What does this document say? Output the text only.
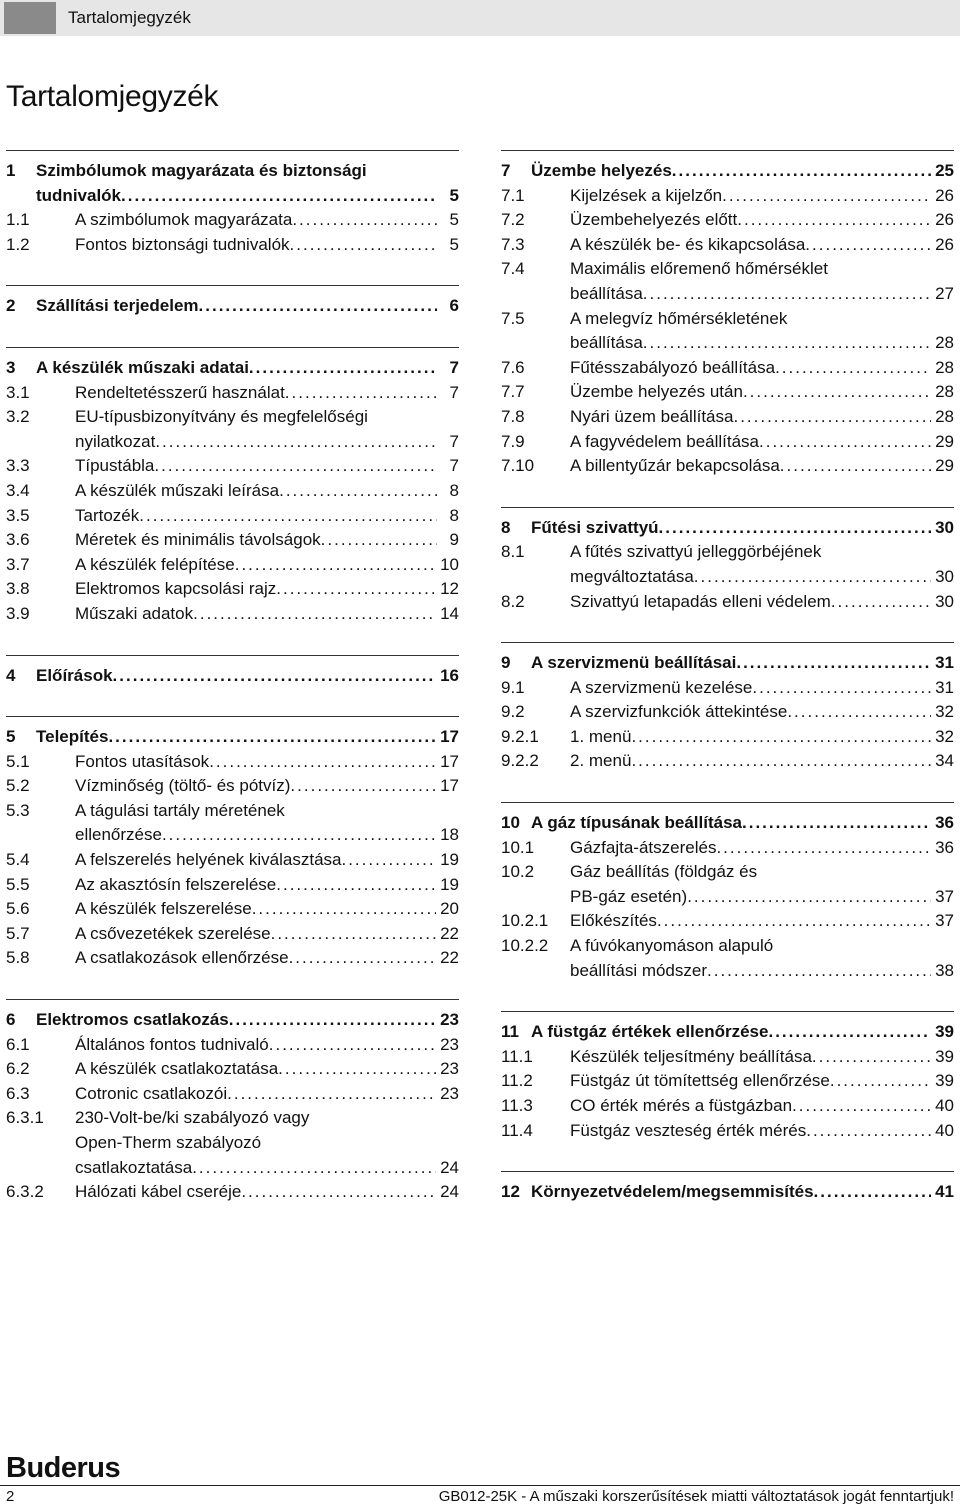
Tartalomjegyzék
Tartalomjegyzék
1	Szimbólumok magyarázata és biztonsági
tudnivalók .....	5
1.1	A szimbólumok magyarázata .....	5
1.2	Fontos biztonsági tudnivalók .....	5
2	Szállítási terjedelem .....	6
3	A készülék műszaki adatai .....	7
3.1	Rendeltetésszerű használat .....	7
3.2	EU-típusbizonyítvány és megfelelőségi
nyilatkozat .....	7
3.3	Típustábla .....	7
3.4	A készülék műszaki leírása .....	8
3.5	Tartozék .....	8
3.6	Méretek és minimális távolságok .....	9
3.7	A készülék felépítése .....	10
3.8	Elektromos kapcsolási rajz .....	12
3.9	Műszaki adatok .....	14
4	Előírások .....	16
5	Telepítés .....	17
5.1	Fontos utasítások .....	17
5.2	Vízminőség (töltő- és pótvíz) .....	17
5.3	A tágulási tartály méretének
ellenőrzése .....	18
5.4	A felszerelés helyének kiválasztása .....	19
5.5	Az akasztósín felszerelése .....	19
5.6	A készülék felszerelése .....	20
5.7	A csővezetékek szerelése .....	22
5.8	A csatlakozások ellenőrzése .....	22
6	Elektromos csatlakozás .....	23
6.1	Általános fontos tudnivaló .....	23
6.2	A készülék csatlakoztatása .....	23
6.3	Cotronic csatlakozói .....	23
6.3.1	230-Volt-be/ki szabályozó vagy
Open-Therm szabályozó
csatlakoztatása .....	24
6.3.2	Hálózati kábel cseréje .....	24
7	Üzembe helyezés .....	25
7.1	Kijelzések a kijelzőn .....	26
7.2	Üzembehelyezés előtt .....	26
7.3	A készülék be- és kikapcsolása .....	26
7.4	Maximális előremenő hőmérséklet
beállítása .....	27
7.5	A melegvíz hőmérsékletének
beállítása .....	28
7.6	Fűtésszabályozó beállítása .....	28
7.7	Üzembe helyezés után .....	28
7.8	Nyári üzem beállítása .....	28
7.9	A fagyvédelem beállítása .....	29
7.10	A billentyűzár bekapcsolása .....	29
8	Fűtési szivattyú .....	30
8.1	A fűtés szivattyú jelleggörbéjének
megváltoztatása .....	30
8.2	Szivattyú letapadás elleni védelem .....	30
9	A szervizmenü beállításai .....	31
9.1	A szervizmenü kezelése .....	31
9.2	A szervizfunkciók áttekintése .....	32
9.2.1	1. menü .....	32
9.2.2	2. menü .....	34
10 A gáz típusának beállítása .....	36
10.1	Gázfajta-átszerelés .....	36
10.2	Gáz beállítás (földgáz és
PB-gáz esetén) .....	37
10.2.1	Előkészítés .....	37
10.2.2	A fúvókanyomáson alapuló
beállítási módszer .....	38
11 A füstgáz értékek ellenőrzése .....	39
11.1	Készülék teljesítmény beállítása .....	39
11.2	Füstgáz út tömítettség ellenőrzése .....	39
11.3	CO érték mérés a füstgázban .....	40
11.4	Füstgáz veszteség érték mérés .....	40
12 Környezetvédelem/megsemmisítés .....	41
Buderus
2	GB012-25K - A műszaki korszerűsítések miatti változtatások jogát fenntartjuk!
